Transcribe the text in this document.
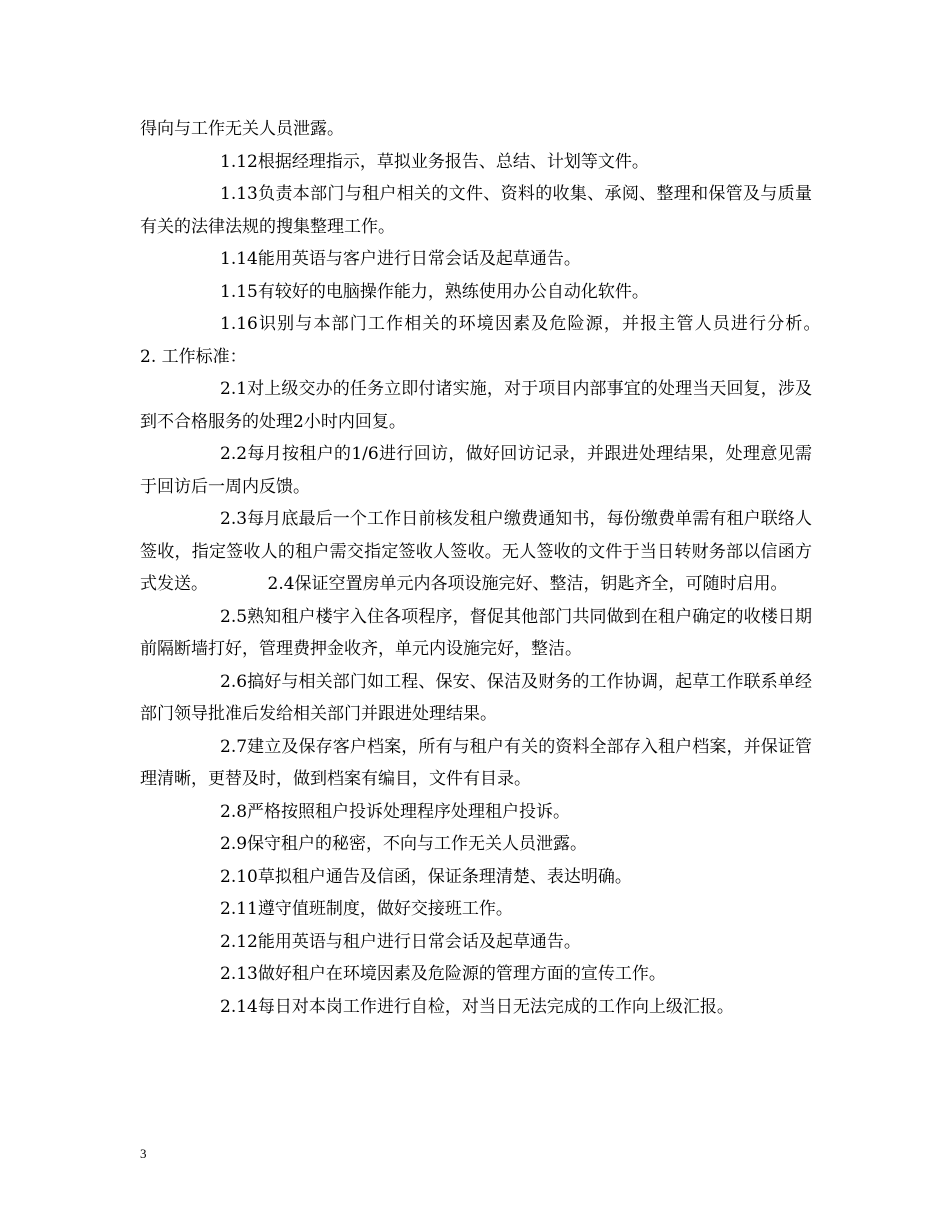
得向与工作无关人员泄露。

1.12根据经理指示，草拟业务报告、总结、计划等文件。

1.13负责本部门与租户相关的文件、资料的收集、承阅、整理和保管及与质量有关的法律法规的搜集整理工作。

1.14能用英语与客户进行日常会话及起草通告。

1.15有较好的电脑操作能力，熟练使用办公自动化软件。

1.16识别与本部门工作相关的环境因素及危险源，并报主管人员进行分析。　　　2. 工作标准：

2.1对上级交办的任务立即付诸实施，对于项目内部事宜的处理当天回复，涉及到不合格服务的处理2小时内回复。

2.2每月按租户的1/6进行回访，做好回访记录，并跟进处理结果，处理意见需于回访后一周内反馈。

2.3每月底最后一个工作日前核发租户缴费通知书，每份缴费单需有租户联络人签收，指定签收人的租户需交指定签收人签收。无人签收的文件于当日转财务部以信函方式发送。　　　　2.4保证空置房单元内各项设施完好、整洁，钥匙齐全，可随时启用。

2.5熟知租户楼宇入住各项程序，督促其他部门共同做到在租户确定的收楼日期前隔断墙打好，管理费押金收齐，单元内设施完好，整洁。

2.6搞好与相关部门如工程、保安、保洁及财务的工作协调，起草工作联系单经部门领导批准后发给相关部门并跟进处理结果。

2.7建立及保存客户档案，所有与租户有关的资料全部存入租户档案，并保证管理清晰，更替及时，做到档案有编目，文件有目录。

2.8严格按照租户投诉处理程序处理租户投诉。

2.9保守租户的秘密，不向与工作无关人员泄露。

2.10草拟租户通告及信函，保证条理清楚、表达明确。

2.11遵守值班制度，做好交接班工作。

2.12能用英语与租户进行日常会话及起草通告。

2.13做好租户在环境因素及危险源的管理方面的宣传工作。

2.14每日对本岗工作进行自检，对当日无法完成的工作向上级汇报。

3
